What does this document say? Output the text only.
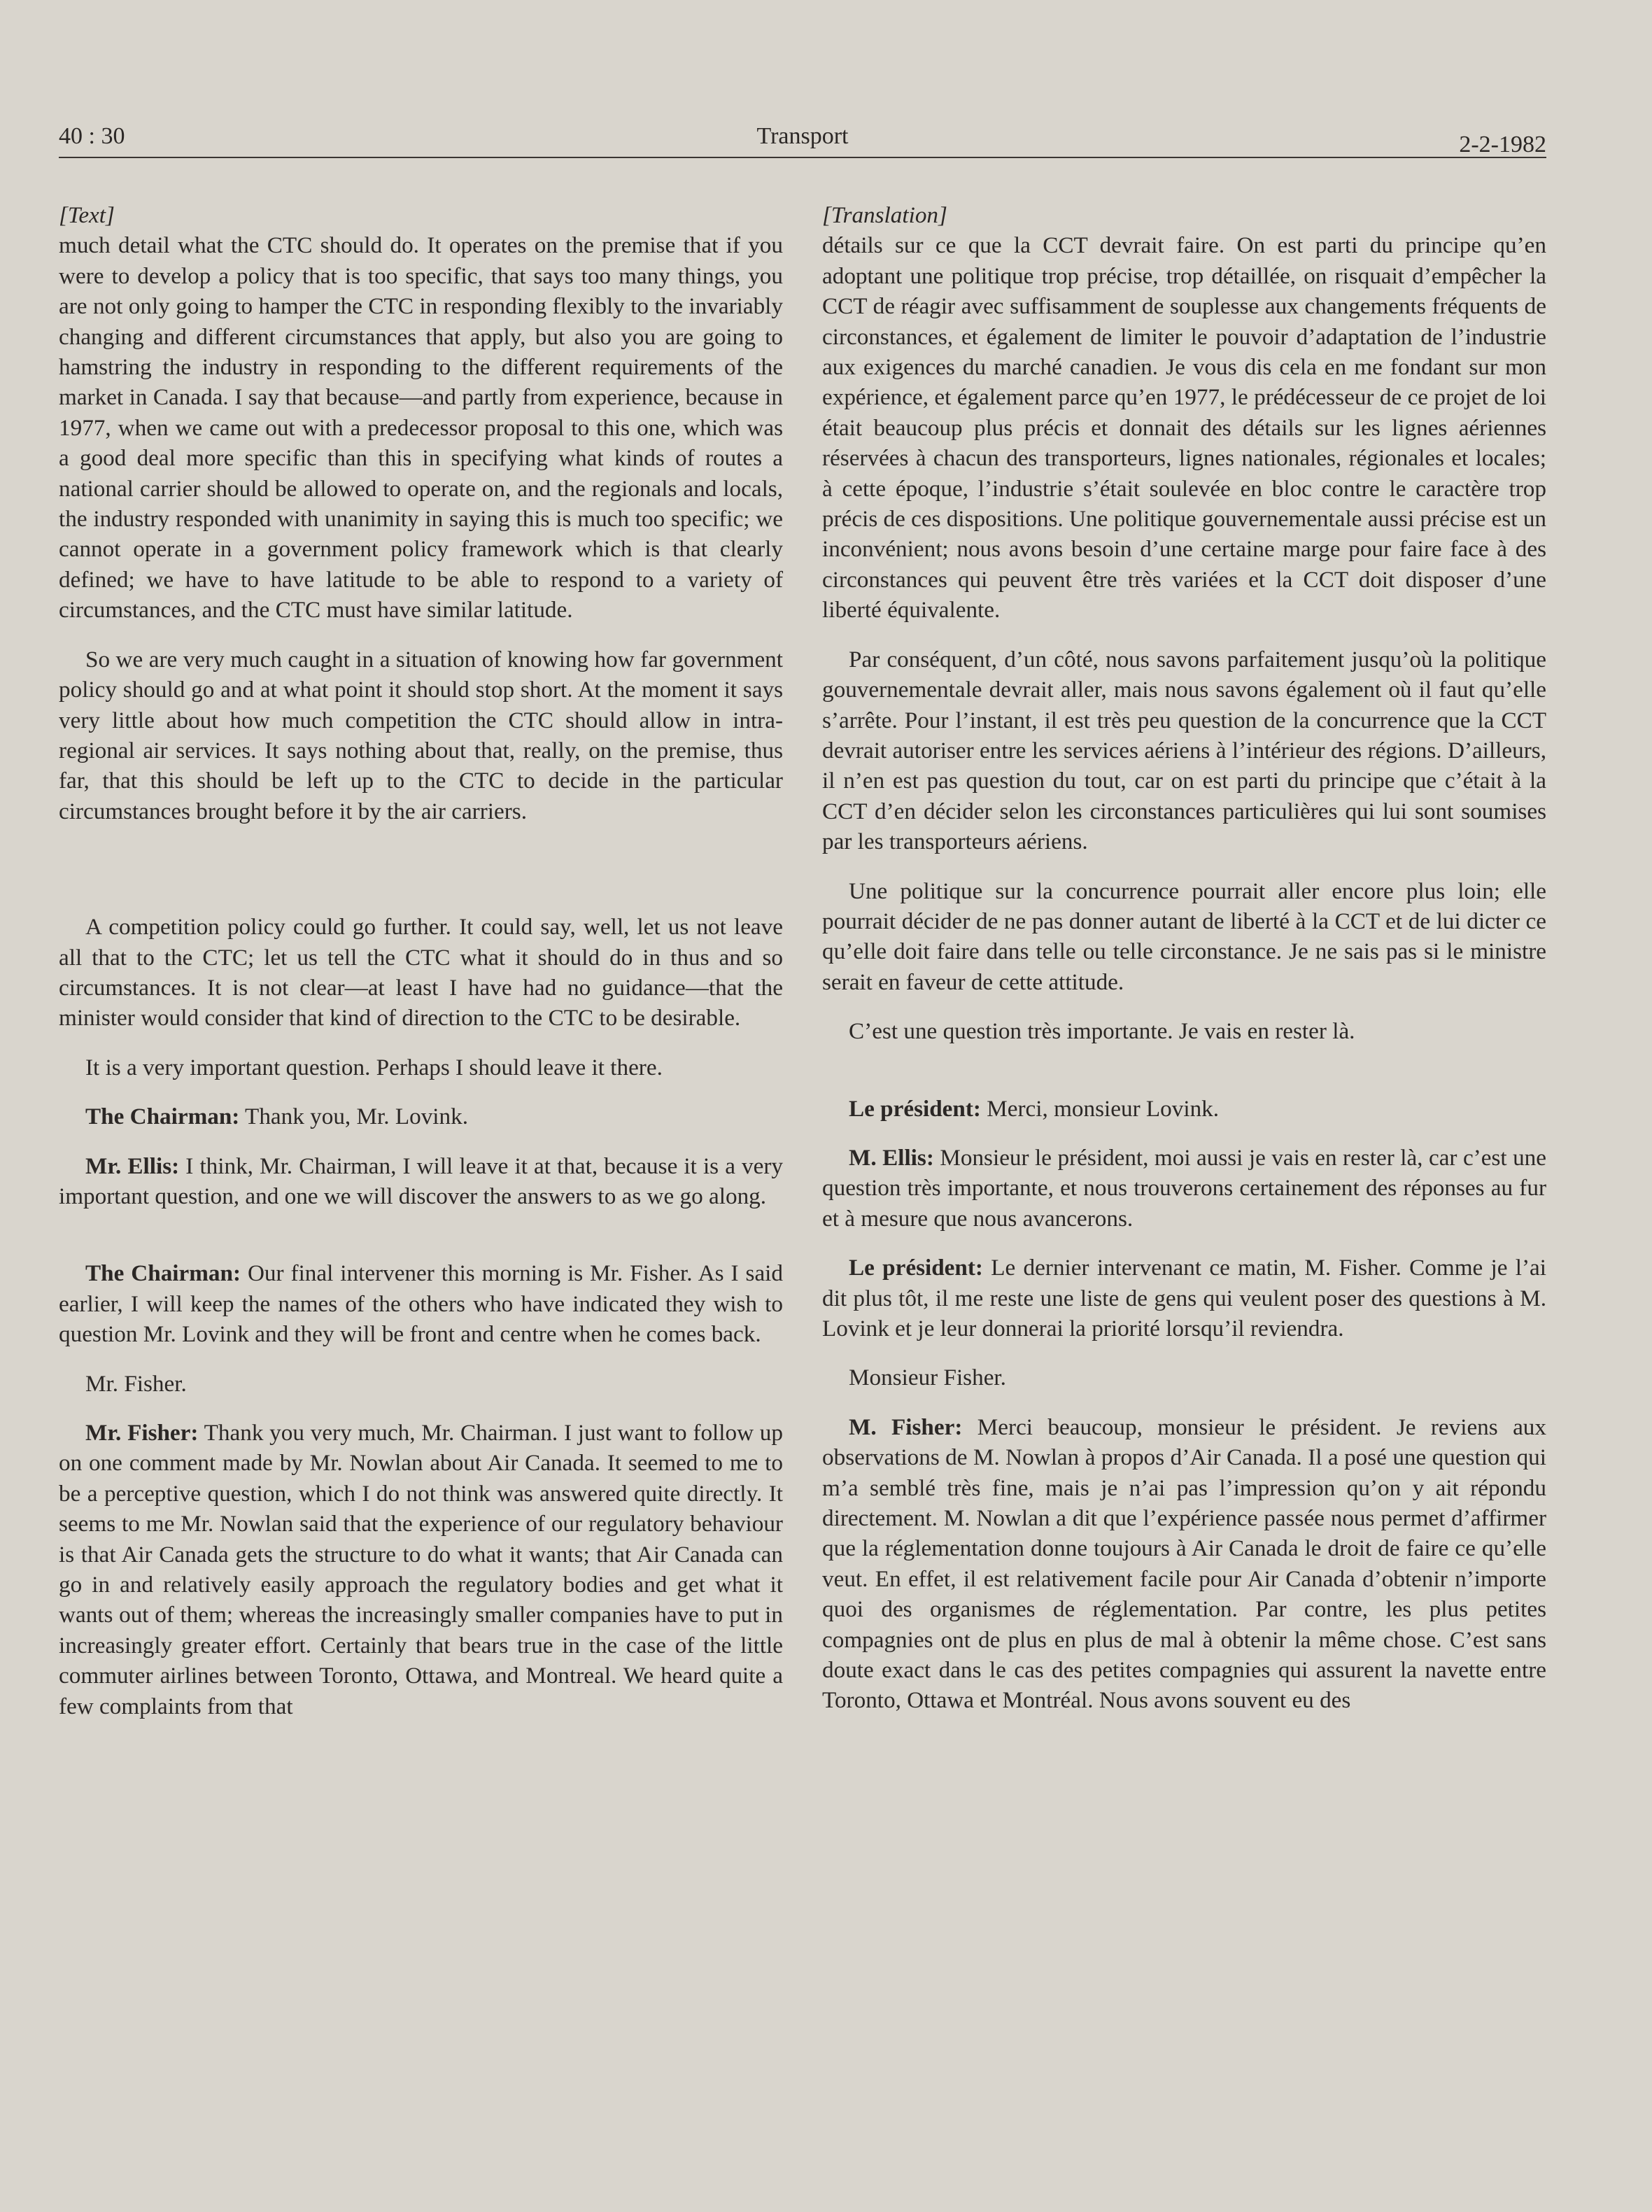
40 : 30	Transport	2-2-1982
[Text]

much detail what the CTC should do. It operates on the premise that if you were to develop a policy that is too specific, that says too many things, you are not only going to hamper the CTC in responding flexibly to the invariably changing and different circumstances that apply, but also you are going to hamstring the industry in responding to the different requirements of the market in Canada. I say that because—and partly from experience, because in 1977, when we came out with a predecessor proposal to this one, which was a good deal more specific than this in specifying what kinds of routes a national carrier should be allowed to operate on, and the regionals and locals, the industry responded with unanimity in saying this is much too specific; we cannot operate in a government policy framework which is that clearly defined; we have to have latitude to be able to respond to a variety of circumstances, and the CTC must have similar latitude.

So we are very much caught in a situation of knowing how far government policy should go and at what point it should stop short. At the moment it says very little about how much competition the CTC should allow in intra-regional air services. It says nothing about that, really, on the premise, thus far, that this should be left up to the CTC to decide in the particular circumstances brought before it by the air carriers.

A competition policy could go further. It could say, well, let us not leave all that to the CTC; let us tell the CTC what it should do in thus and so circumstances. It is not clear—at least I have had no guidance—that the minister would consider that kind of direction to the CTC to be desirable.

It is a very important question. Perhaps I should leave it there.

The Chairman: Thank you, Mr. Lovink.

Mr. Ellis: I think, Mr. Chairman, I will leave it at that, because it is a very important question, and one we will discover the answers to as we go along.

The Chairman: Our final intervener this morning is Mr. Fisher. As I said earlier, I will keep the names of the others who have indicated they wish to question Mr. Lovink and they will be front and centre when he comes back.

Mr. Fisher.

Mr. Fisher: Thank you very much, Mr. Chairman. I just want to follow up on one comment made by Mr. Nowlan about Air Canada. It seemed to me to be a perceptive question, which I do not think was answered quite directly. It seems to me Mr. Nowlan said that the experience of our regulatory behaviour is that Air Canada gets the structure to do what it wants; that Air Canada can go in and relatively easily approach the regulatory bodies and get what it wants out of them; whereas the increasingly smaller companies have to put in increasingly greater effort. Certainly that bears true in the case of the little commuter airlines between Toronto, Ottawa, and Montreal. We heard quite a few complaints from that

[Translation]

détails sur ce que la CCT devrait faire. On est parti du principe qu’en adoptant une politique trop précise, trop détaillée, on risquait d’empêcher la CCT de réagir avec suffisamment de souplesse aux changements fréquents de circonstances, et également de limiter le pouvoir d’adaptation de l’industrie aux exigences du marché canadien. Je vous dis cela en me fondant sur mon expérience, et également parce qu’en 1977, le prédécesseur de ce projet de loi était beaucoup plus précis et donnait des détails sur les lignes aériennes réservées à chacun des transporteurs, lignes nationales, régionales et locales; à cette époque, l’industrie s’était soulevée en bloc contre le caractère trop précis de ces dispositions. Une politique gouvernementale aussi précise est un inconvénient; nous avons besoin d’une certaine marge pour faire face à des circonstances qui peuvent être très variées et la CCT doit disposer d’une liberté équivalente.

Par conséquent, d’un côté, nous savons parfaitement jusqu’où la politique gouvernementale devrait aller, mais nous savons également où il faut qu’elle s’arrête. Pour l’instant, il est très peu question de la concurrence que la CCT devrait autoriser entre les services aériens à l’intérieur des régions. D’ailleurs, il n’en est pas question du tout, car on est parti du principe que c’était à la CCT d’en décider selon les circonstances particulières qui lui sont soumises par les transporteurs aériens.

Une politique sur la concurrence pourrait aller encore plus loin; elle pourrait décider de ne pas donner autant de liberté à la CCT et de lui dicter ce qu’elle doit faire dans telle ou telle circonstance. Je ne sais pas si le ministre serait en faveur de cette attitude.

C’est une question très importante. Je vais en rester là.

Le président: Merci, monsieur Lovink.

M. Ellis: Monsieur le président, moi aussi je vais en rester là, car c’est une question très importante, et nous trouverons certainement des réponses au fur et à mesure que nous avancerons.

Le président: Le dernier intervenant ce matin, M. Fisher. Comme je l’ai dit plus tôt, il me reste une liste de gens qui veulent poser des questions à M. Lovink et je leur donnerai la priorité lorsqu’il reviendra.

Monsieur Fisher.

M. Fisher: Merci beaucoup, monsieur le président. Je reviens aux observations de M. Nowlan à propos d’Air Canada. Il a posé une question qui m’a semblé très fine, mais je n’ai pas l’impression qu’on y ait répondu directement. M. Nowlan a dit que l’expérience passée nous permet d’affirmer que la réglementation donne toujours à Air Canada le droit de faire ce qu’elle veut. En effet, il est relativement facile pour Air Canada d’obtenir n’importe quoi des organismes de réglementation. Par contre, les plus petites compagnies ont de plus en plus de mal à obtenir la même chose. C’est sans doute exact dans le cas des petites compagnies qui assurent la navette entre Toronto, Ottawa et Montréal. Nous avons souvent eu des
